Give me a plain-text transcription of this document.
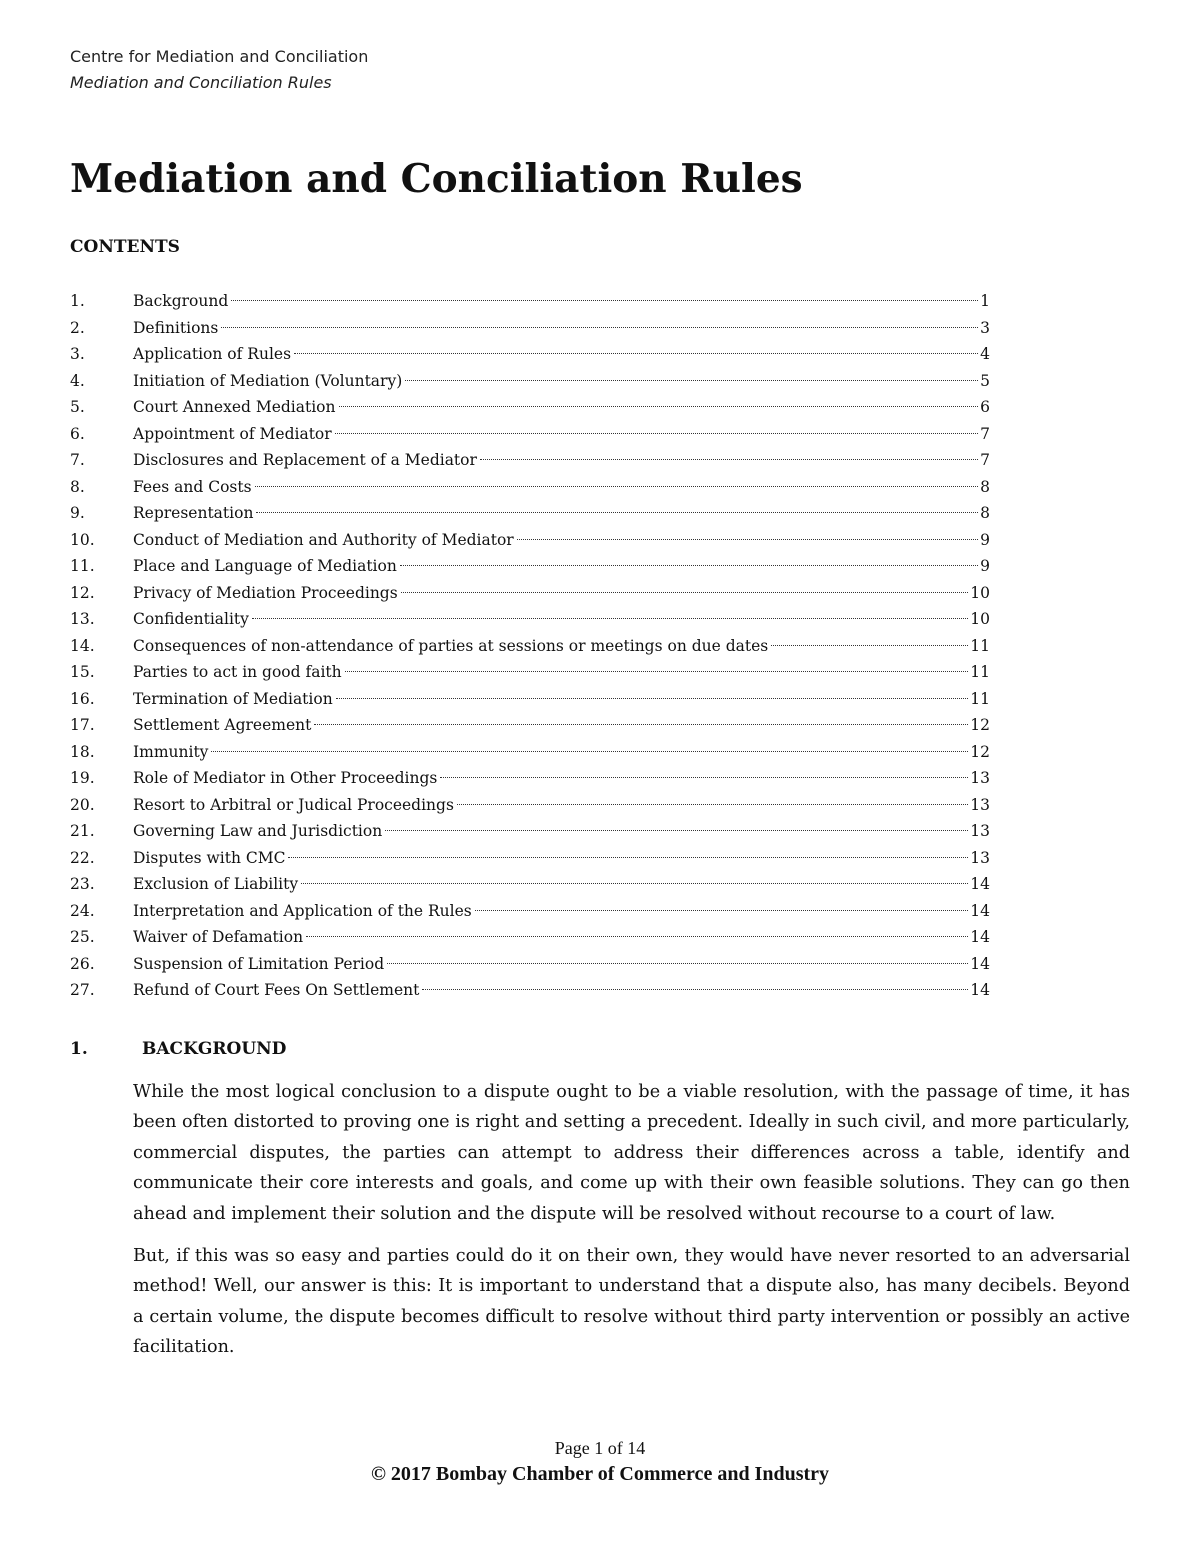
Centre for Mediation and Conciliation
Mediation and Conciliation Rules
Mediation and Conciliation Rules
CONTENTS
1.	Background	1
2.	Definitions	3
3.	Application of Rules	4
4.	Initiation of Mediation (Voluntary)	5
5.	Court Annexed Mediation	6
6.	Appointment of Mediator	7
7.	Disclosures and Replacement of a Mediator	7
8.	Fees and Costs	8
9.	Representation	8
10.	Conduct of Mediation and Authority of Mediator	9
11.	Place and Language of Mediation	9
12.	Privacy of Mediation Proceedings	10
13.	Confidentiality	10
14.	Consequences of non-attendance of parties at sessions or meetings on due dates	11
15.	Parties to act in good faith	11
16.	Termination of Mediation	11
17.	Settlement Agreement	12
18.	Immunity	12
19.	Role of Mediator in Other Proceedings	13
20.	Resort to Arbitral or Judical Proceedings	13
21.	Governing Law and Jurisdiction	13
22.	Disputes with CMC	13
23.	Exclusion of Liability	14
24.	Interpretation and Application of the Rules	14
25.	Waiver of Defamation	14
26.	Suspension of Limitation Period	14
27.	Refund of Court Fees On Settlement	14
1.	BACKGROUND

While the most logical conclusion to a dispute ought to be a viable resolution, with the passage of time, it has been often distorted to proving one is right and setting a precedent. Ideally in such civil, and more particularly, commercial disputes, the parties can attempt to address their differences across a table, identify and communicate their core interests and goals, and come up with their own feasible solutions. They can go then ahead and implement their solution and the dispute will be resolved without recourse to a court of law.

But, if this was so easy and parties could do it on their own, they would have never resorted to an adversarial method! Well, our answer is this: It is important to understand that a dispute also, has many decibels. Beyond a certain volume, the dispute becomes difficult to resolve without third party intervention or possibly an active facilitation.

Page 1 of 14
© 2017 Bombay Chamber of Commerce and Industry
